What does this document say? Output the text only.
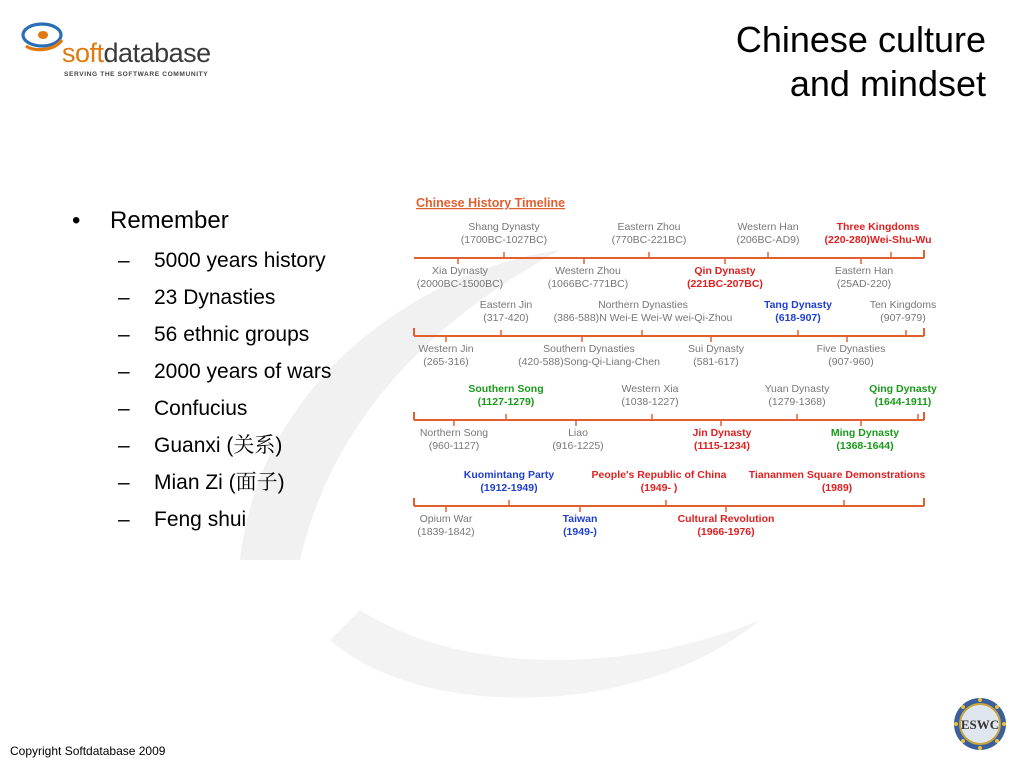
softdatabase
SERVING THE SOFTWARE COMMUNITY
Chinese culture
and mindset
• Remember
– 5000 years history
– 23 Dynasties
– 56 ethnic groups
– 2000 years of wars
– Confucius
– Guanxi (关系)
– Mian Zi (面子)
– Feng shui
Chinese History Timeline
Shang Dynasty
(1700BC-1027BC)
Eastern Zhou
(770BC-221BC)
Western Han
(206BC-AD9)
Three Kingdoms
(220-280)Wei-Shu-Wu
Xia Dynasty
(2000BC-1500BC)
Western Zhou
(1066BC-771BC)
Qin Dynasty
(221BC-207BC)
Eastern Han
(25AD-220)
Eastern Jin
(317-420)
Northern Dynasties
(386-588)N Wei-E Wei-W wei-Qi-Zhou
Tang Dynasty
(618-907)
Ten Kingdoms
(907-979)
Western Jin
(265-316)
Southern Dynasties
(420-588)Song-Qi-Liang-Chen
Sui Dynasty
(581-617)
Five Dynasties
(907-960)
Southern Song
(1127-1279)
Western Xia
(1038-1227)
Yuan Dynasty
(1279-1368)
Qing Dynasty
(1644-1911)
Northern Song
(960-1127)
Liao
(916-1225)
Jin Dynasty
(1115-1234)
Ming Dynasty
(1368-1644)
Kuomintang Party
(1912-1949)
People's Republic of China
(1949- )
Tiananmen Square Demonstrations
(1989)
Opium War
(1839-1842)
Taiwan
(1949-)
Cultural Revolution
(1966-1976)
Copyright Softdatabase 2009
ESWC
